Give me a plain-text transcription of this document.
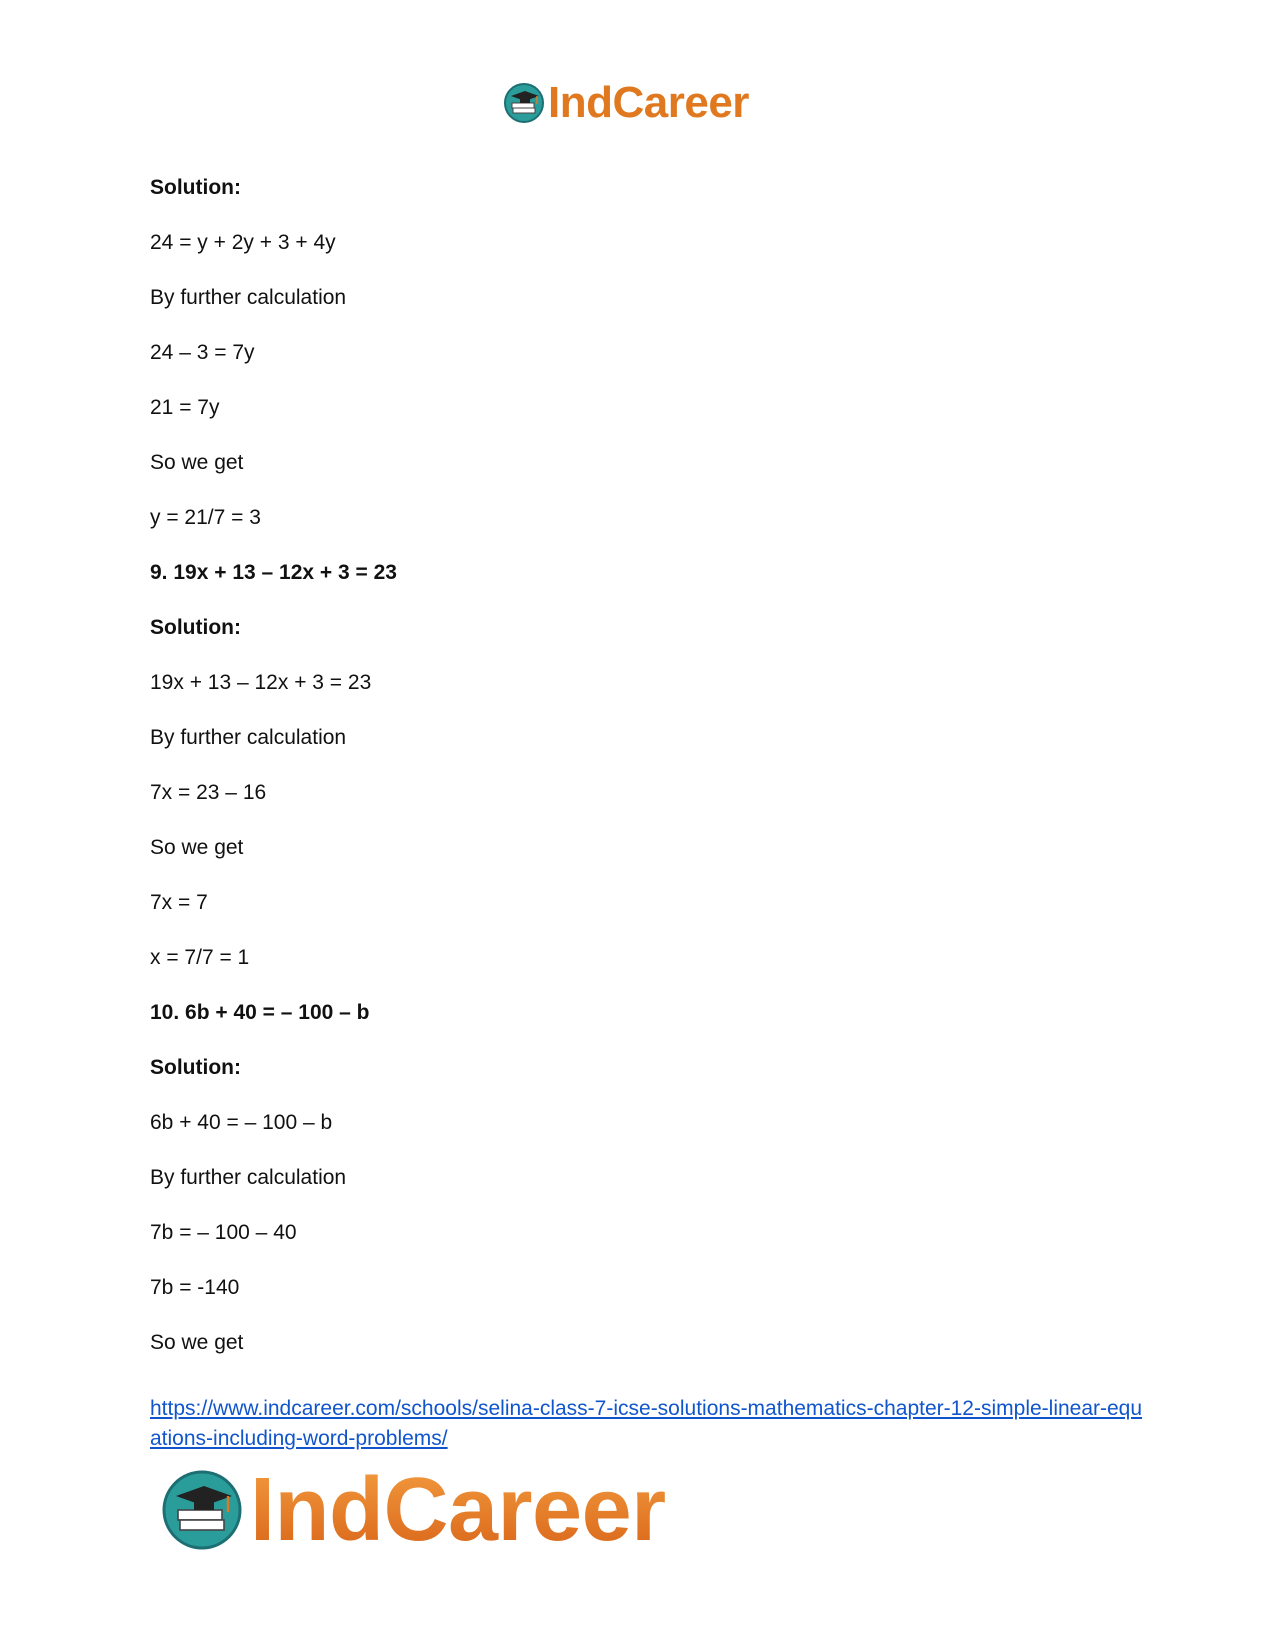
IndCareer

Solution:

24 = y + 2y + 3 + 4y

By further calculation

24 – 3 = 7y

21 = 7y

So we get

y = 21/7 = 3

9. 19x + 13 – 12x + 3 = 23

Solution:

19x + 13 – 12x + 3 = 23

By further calculation

7x = 23 – 16

So we get

7x = 7

x = 7/7 = 1

10. 6b + 40 = – 100 – b

Solution:

6b + 40 = – 100 – b

By further calculation

7b = – 100 – 40

7b = -140

So we get

https://www.indcareer.com/schools/selina-class-7-icse-solutions-mathematics-chapter-12-simple-linear-equations-including-word-problems/
IndCareer
